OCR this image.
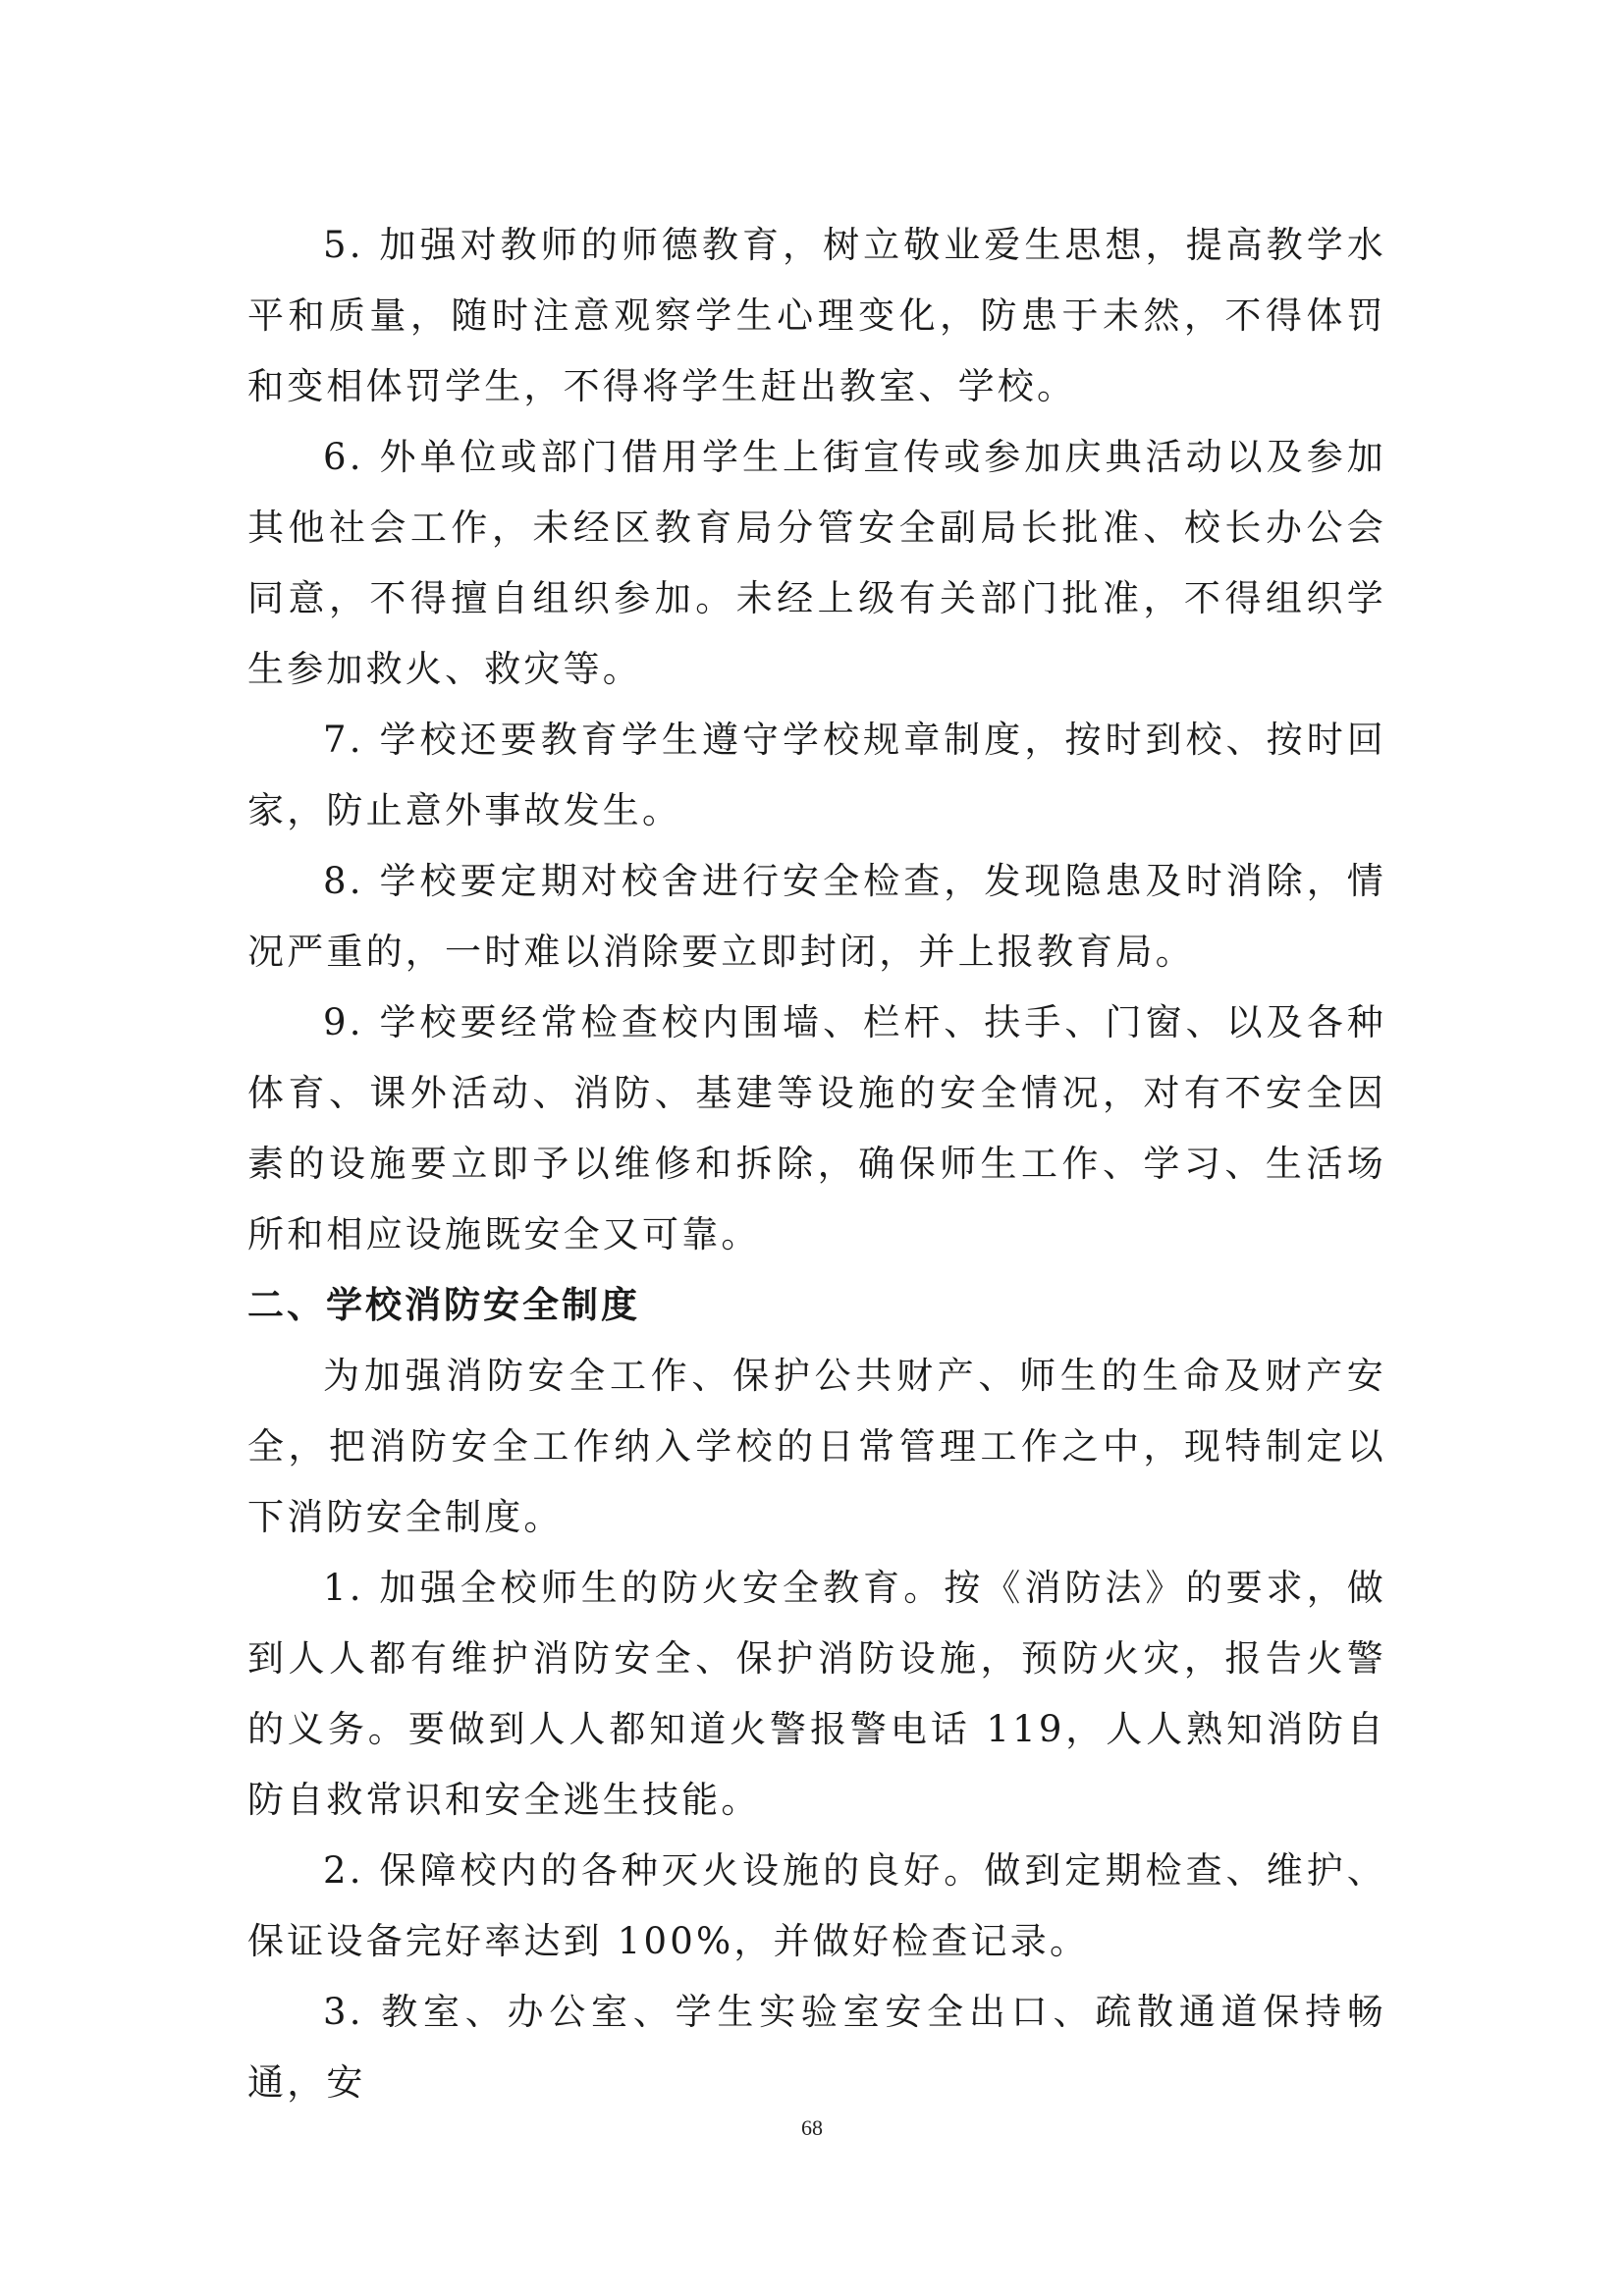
5. 加强对教师的师德教育，树立敬业爱生思想，提高教学水平和质量，随时注意观察学生心理变化，防患于未然，不得体罚和变相体罚学生，不得将学生赶出教室、学校。

6. 外单位或部门借用学生上街宣传或参加庆典活动以及参加其他社会工作，未经区教育局分管安全副局长批准、校长办公会同意，不得擅自组织参加。未经上级有关部门批准，不得组织学生参加救火、救灾等。

7. 学校还要教育学生遵守学校规章制度，按时到校、按时回家，防止意外事故发生。

8. 学校要定期对校舍进行安全检查，发现隐患及时消除，情况严重的，一时难以消除要立即封闭，并上报教育局。

9. 学校要经常检查校内围墙、栏杆、扶手、门窗、以及各种体育、课外活动、消防、基建等设施的安全情况，对有不安全因素的设施要立即予以维修和拆除，确保师生工作、学习、生活场所和相应设施既安全又可靠。

二、学校消防安全制度

为加强消防安全工作、保护公共财产、师生的生命及财产安全，把消防安全工作纳入学校的日常管理工作之中，现特制定以下消防安全制度。

1. 加强全校师生的防火安全教育。按《消防法》的要求，做到人人都有维护消防安全、保护消防设施，预防火灾，报告火警的义务。要做到人人都知道火警报警电话 119，人人熟知消防自防自救常识和安全逃生技能。

2. 保障校内的各种灭火设施的良好。做到定期检查、维护、保证设备完好率达到 100%，并做好检查记录。

3. 教室、办公室、学生实验室安全出口、疏散通道保持畅通，安

68
